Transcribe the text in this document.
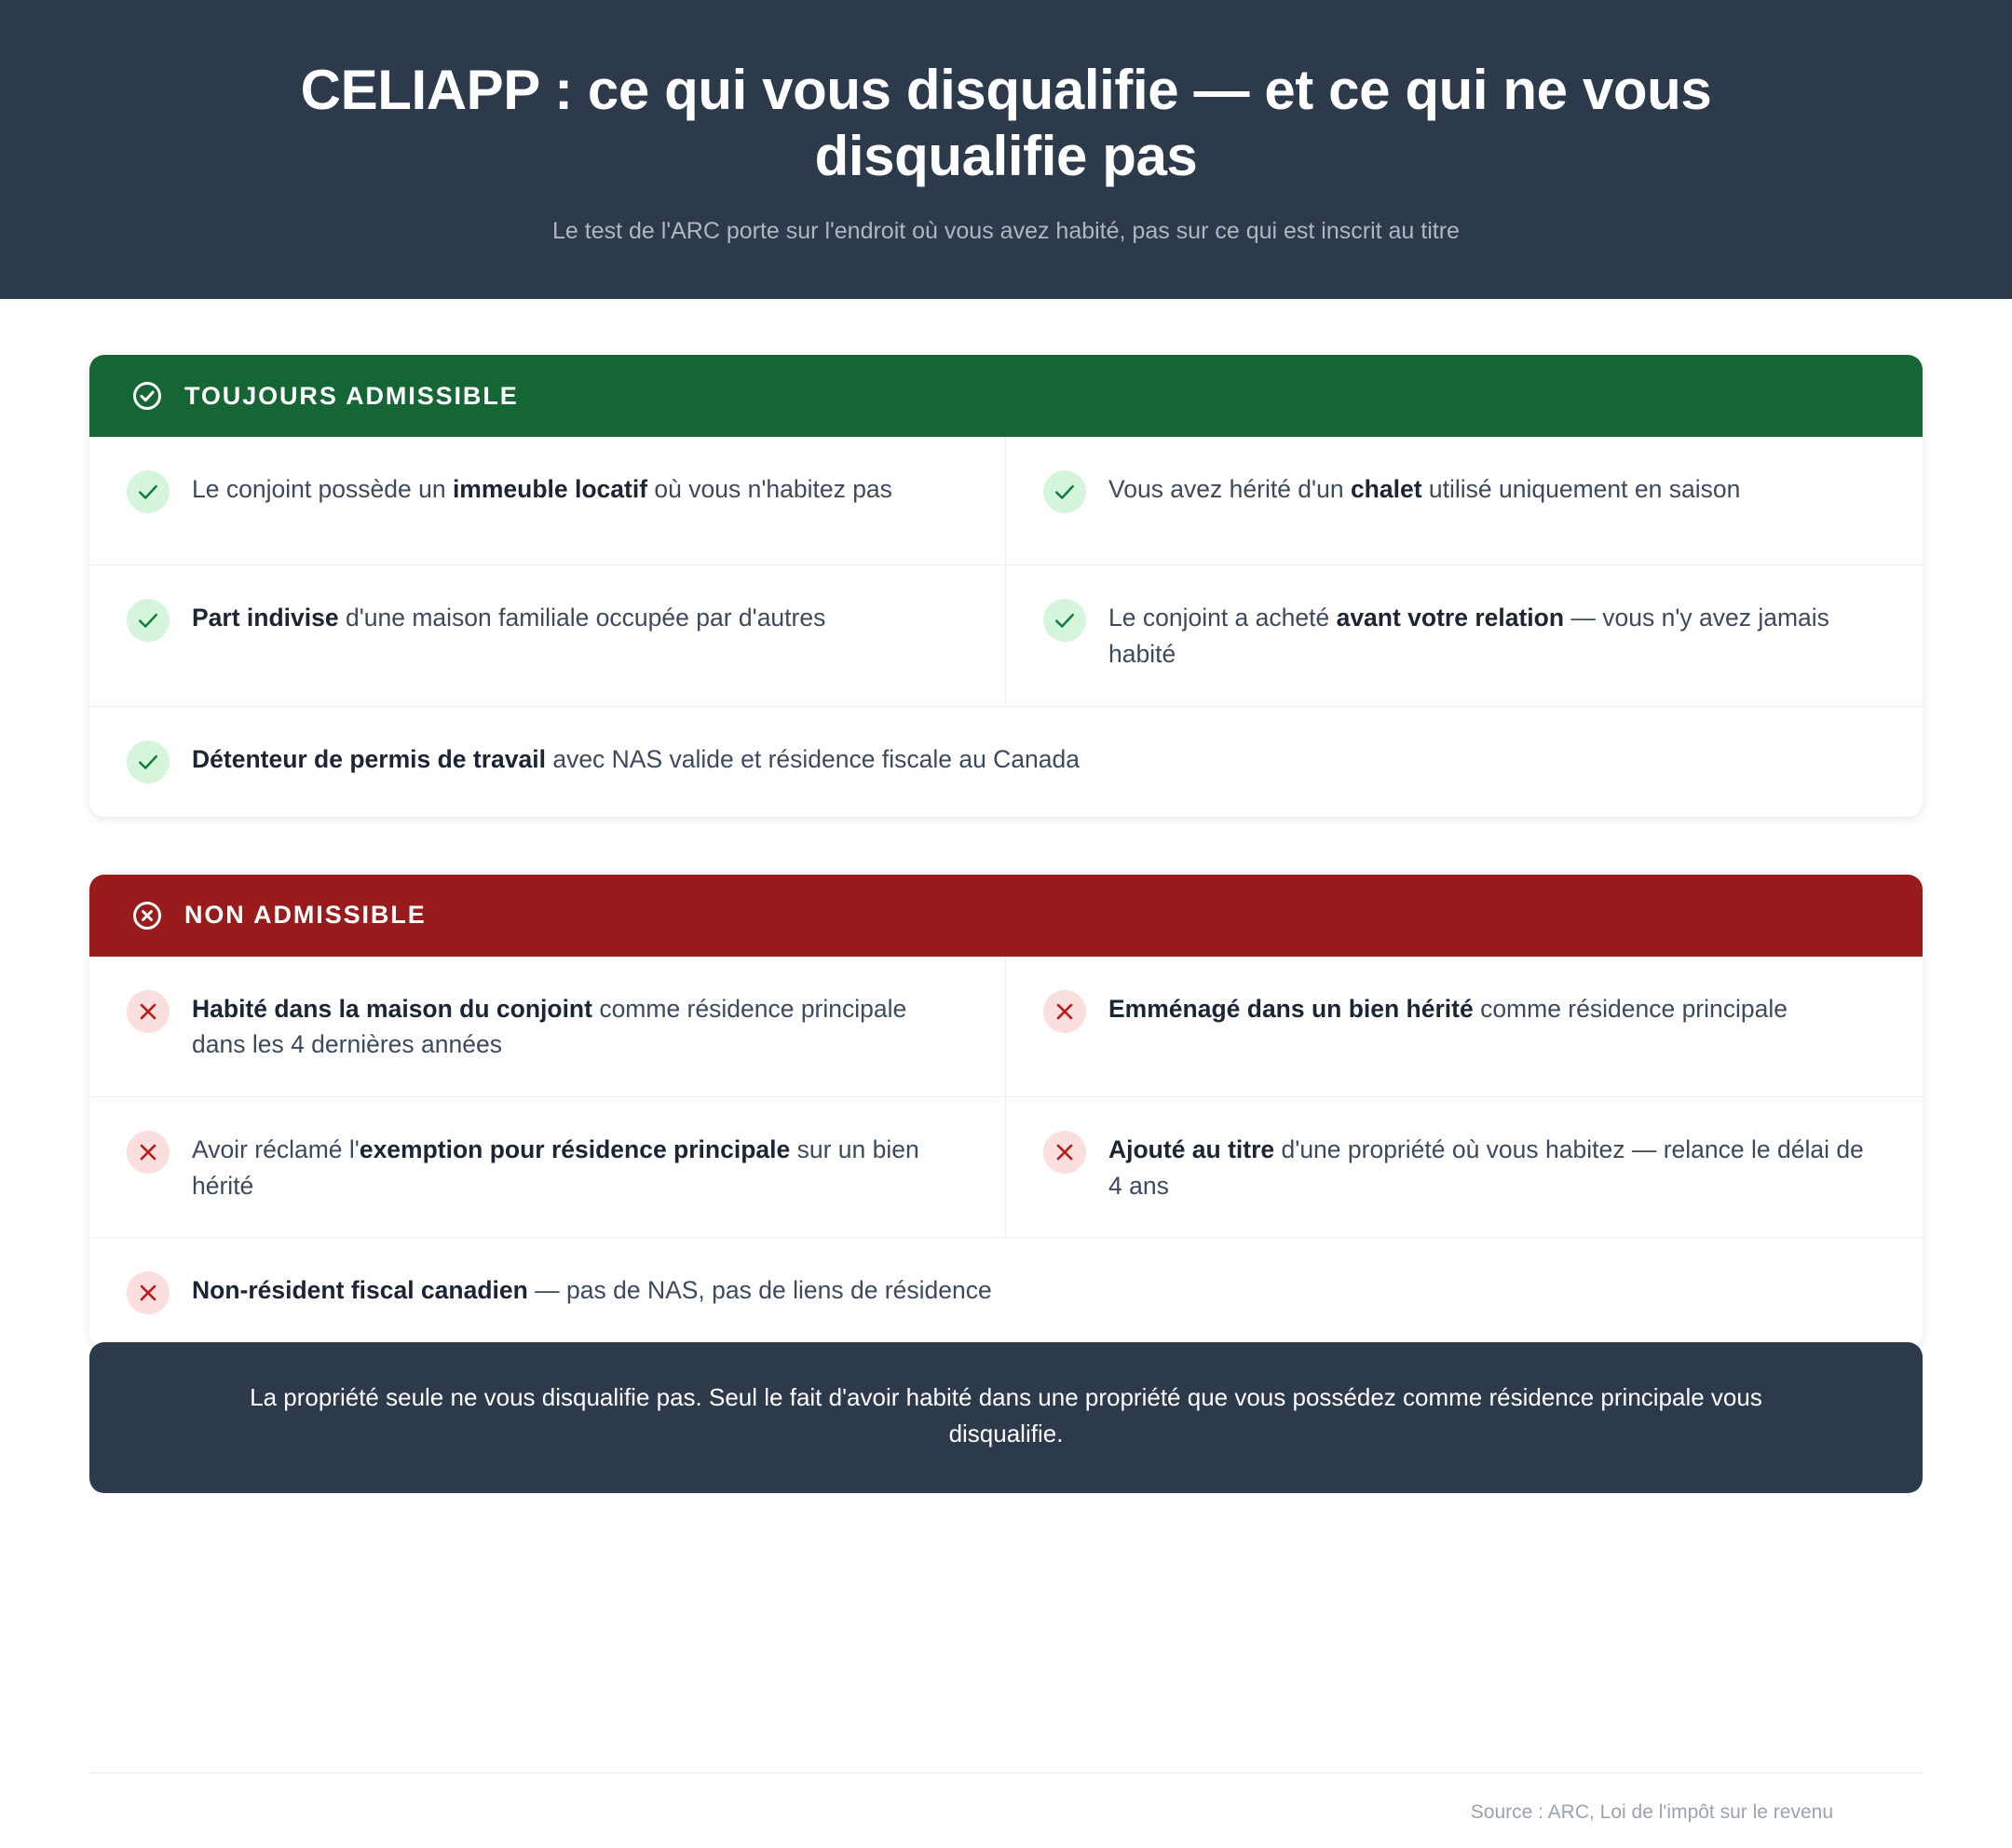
CELIAPP : ce qui vous disqualifie — et ce qui ne vous disqualifie pas

Le test de l'ARC porte sur l'endroit où vous avez habité, pas sur ce qui est inscrit au titre

TOUJOURS ADMISSIBLE
Le conjoint possède un immeuble locatif où vous n'habitez pas	Vous avez hérité d'un chalet utilisé uniquement en saison
Part indivise d'une maison familiale occupée par d'autres	Le conjoint a acheté avant votre relation — vous n'y avez jamais habité
Détenteur de permis de travail avec NAS valide et résidence fiscale au Canada
NON ADMISSIBLE
Habité dans la maison du conjoint comme résidence principale dans les 4 dernières années
Emménagé dans un bien hérité comme résidence principale
Avoir réclamé l'exemption pour résidence principale sur un bien hérité
Ajouté au titre d'une propriété où vous habitez — relance le délai de 4 ans
Non-résident fiscal canadien — pas de NAS, pas de liens de résidence
La propriété seule ne vous disqualifie pas. Seul le fait d'avoir habité dans une propriété que vous possédez comme résidence principale vous disqualifie.
Source : ARC, Loi de l'impôt sur le revenu
